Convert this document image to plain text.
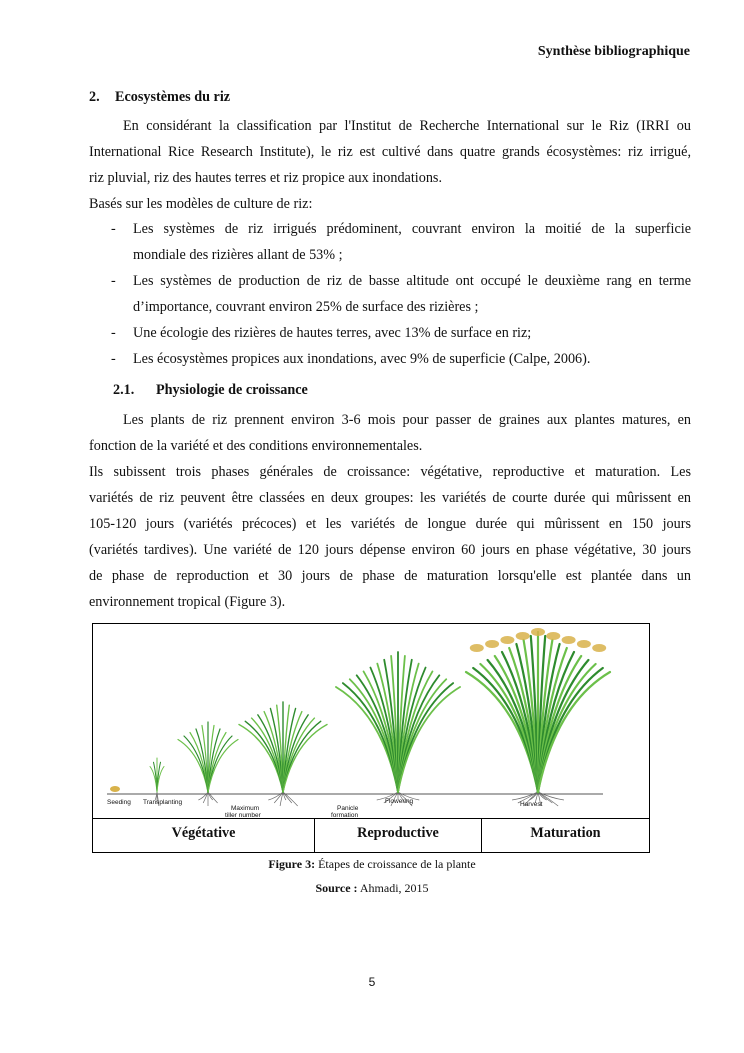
Synthèse bibliographique
2. Ecosystèmes du riz
En considérant la classification par l'Institut de Recherche International sur le Riz (IRRI ou
International Rice Research Institute), le riz est cultivé dans quatre grands écosystèmes: riz irrigué,
riz pluvial, riz des hautes terres et riz propice aux inondations.
Basés sur les modèles de culture de riz:
- Les systèmes de riz irrigués prédominent, couvrant environ la moitié de la superficie
mondiale des rizières allant de 53% ;
- Les systèmes de production de riz de basse altitude ont occupé le deuxième rang en terme
d’importance, couvrant environ 25% de surface des rizières ;
- Une écologie des rizières de hautes terres, avec 13% de surface en riz;
- Les écosystèmes propices aux inondations, avec 9% de superficie (Calpe, 2006).
2.1. Physiologie de croissance
Les plants de riz prennent environ 3-6 mois pour passer de graines aux plantes matures, en
fonction de la variété et des conditions environnementales.
Ils subissent trois phases générales de croissance: végétative, reproductive et maturation. Les
variétés de riz peuvent être classées en deux groupes: les variétés de courte durée qui mûrissent en
105-120 jours (variétés précoces) et les variétés de longue durée qui mûrissent en 150 jours
(variétés tardives). Une variété de 120 jours dépense environ 60 jours en phase végétative, 30 jours
de phase de reproduction et 30 jours de phase de maturation lorsqu'elle est plantée dans un
environnement tropical (Figure 3).
Seeding Transplanting
Maximum
tiller number
Panicle
formation
Flowering	Harvest
Végétative	Reproductive	Maturation
Figure 3: Étapes de croissance de la plante
Source : Ahmadi, 2015
5
